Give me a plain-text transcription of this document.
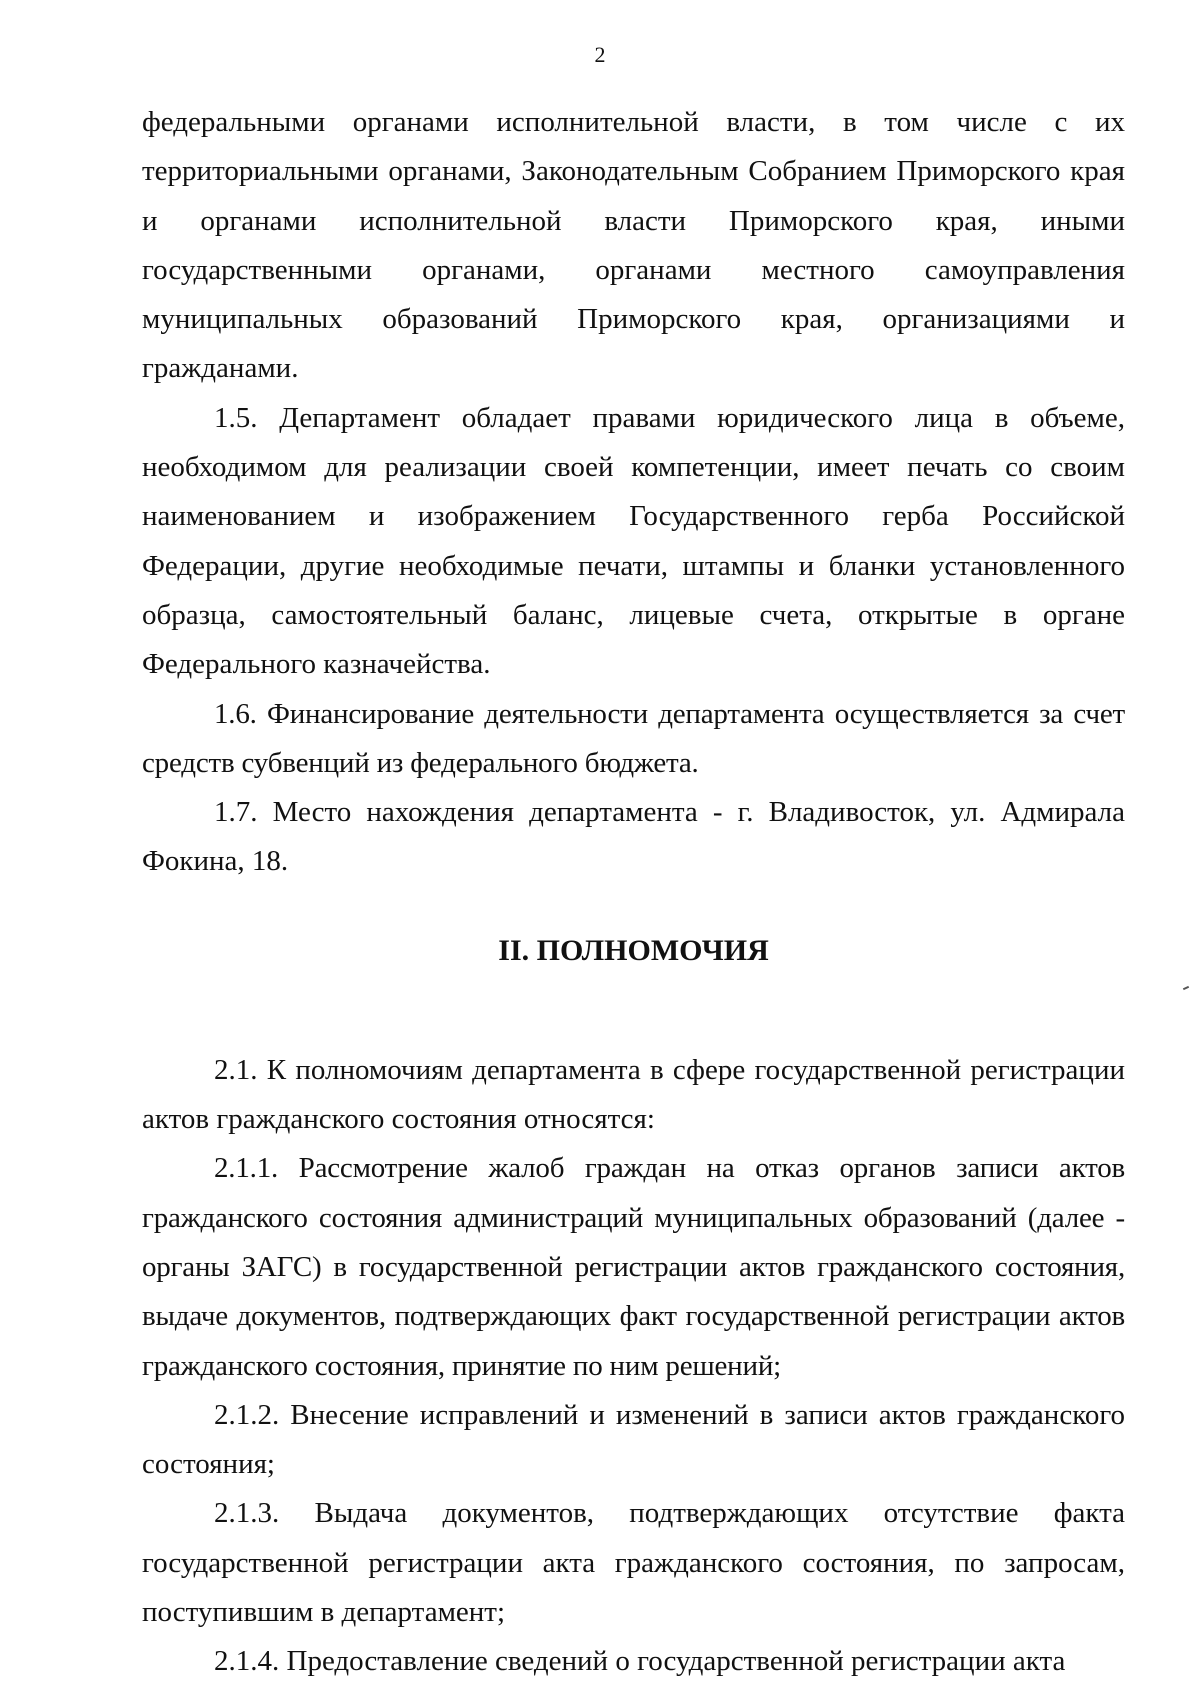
2

федеральными органами исполнительной власти, в том числе с их территориальными органами, Законодательным Собранием Приморского края и органами исполнительной власти Приморского края, иными государственными органами, органами местного самоуправления муниципальных образований Приморского края, организациями и гражданами.

1.5. Департамент обладает правами юридического лица в объеме, необходимом для реализации своей компетенции, имеет печать со своим наименованием и изображением Государственного герба Российской Федерации, другие необходимые печати, штампы и бланки установленного образца, самостоятельный баланс, лицевые счета, открытые в органе Федерального казначейства.

1.6. Финансирование деятельности департамента осуществляется за счет средств субвенций из федерального бюджета.

1.7. Место нахождения департамента - г. Владивосток, ул. Адмирала Фокина, 18.

II. ПОЛНОМОЧИЯ

2.1. К полномочиям департамента в сфере государственной регистрации актов гражданского состояния относятся:

2.1.1. Рассмотрение жалоб граждан на отказ органов записи актов гражданского состояния администраций муниципальных образований (далее - органы ЗАГС) в государственной регистрации актов гражданского состояния, выдаче документов, подтверждающих факт государственной регистрации актов гражданского состояния, принятие по ним решений;

2.1.2. Внесение исправлений и изменений в записи актов гражданского состояния;

2.1.3. Выдача документов, подтверждающих отсутствие факта государственной регистрации акта гражданского состояния, по запросам, поступившим в департамент;

2.1.4. Предоставление сведений о государственной регистрации акта
